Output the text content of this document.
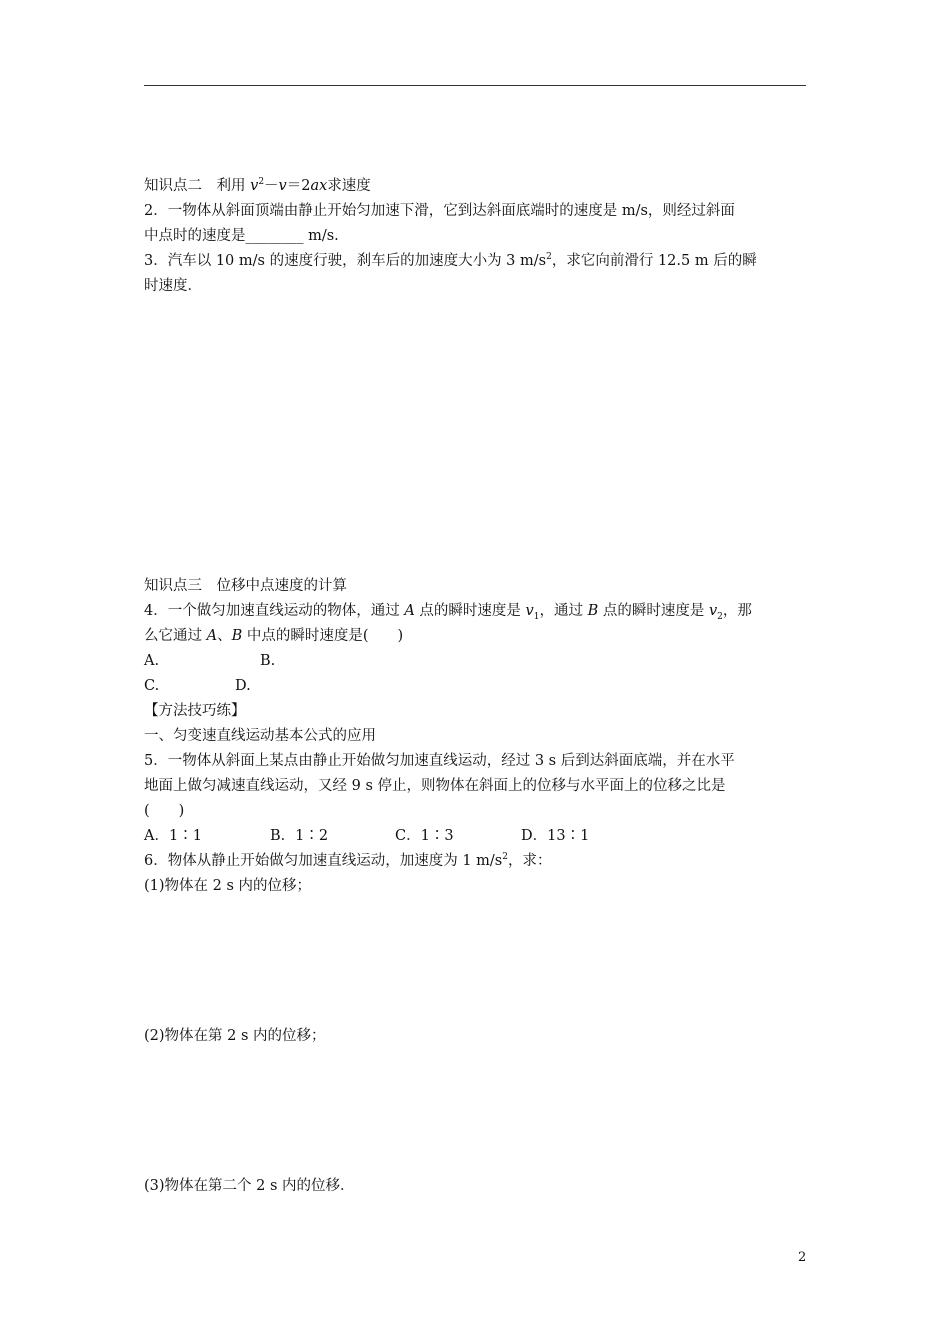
知识点二　利用 $v^2-v=2ax$求速度
2．一物体从斜面顶端由静止开始匀加速下滑，它到达斜面底端时的速度是 m/s，则经过斜面
中点时的速度是________ m/s.
3．汽车以 10 m/s 的速度行驶，刹车后的加速度大小为 3 $m/s^2$，求它向前滑行 12.5 m 后的瞬
时速度．
知识点三　位移中点速度的计算
4．一个做匀加速直线运动的物体，通过 A 点的瞬时速度是 $v_1$，通过 B 点的瞬时速度是 $v_2$，那
么它通过 A、B 中点的瞬时速度是(　　)
A.	B.
C.	D.
【方法技巧练】
一、匀变速直线运动基本公式的应用
5．一物体从斜面上某点由静止开始做匀加速直线运动，经过 3 s 后到达斜面底端，并在水平
地面上做匀减速直线运动，又经 9 s 停止，则物体在斜面上的位移与水平面上的位移之比是
(　　)
A．1∶1	B．1∶2	C．1∶3	D．13∶1
6．物体从静止开始做匀加速直线运动，加速度为 1 $m/s^2$，求：
(1)物体在 2 s 内的位移；
(2)物体在第 2 s 内的位移；
(3)物体在第二个 2 s 内的位移．
2
